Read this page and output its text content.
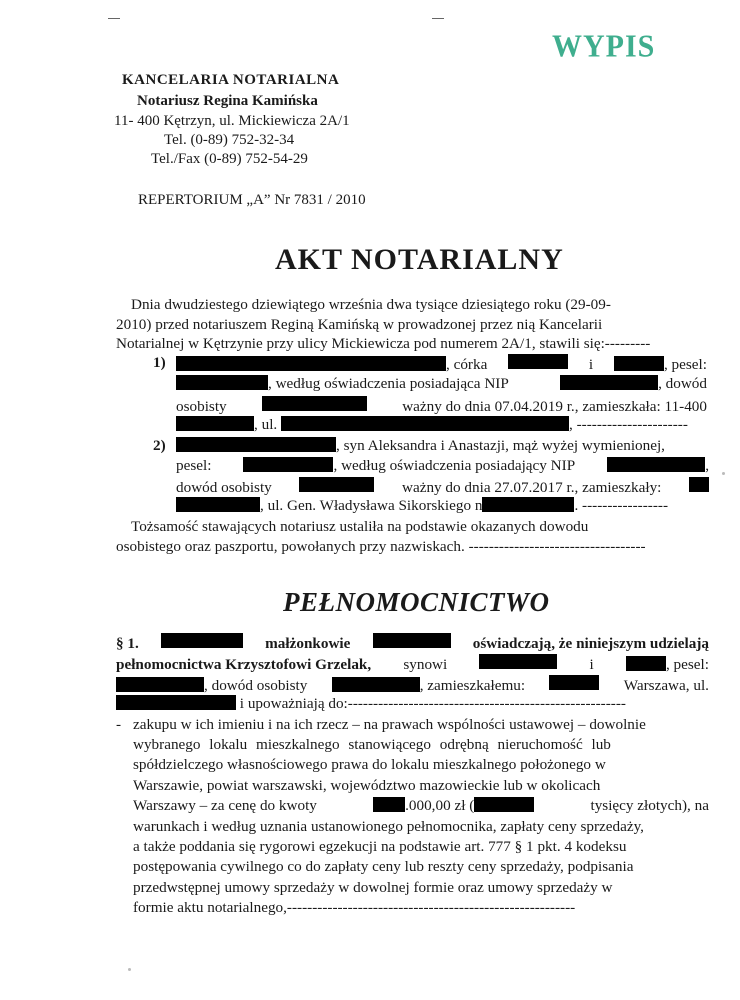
WYPIS
KANCELARIA NOTARIALNA
Notariusz Regina Kamińska
11- 400 Kętrzyn, ul. Mickiewicza 2A/1
Tel. (0-89) 752-32-34
Tel./Fax (0-89) 752-54-29
REPERTORIUM „A” Nr 7831 / 2010
AKT NOTARIALNY
Dnia dwudziestego dziewiątego września dwa tysiące dziesiątego roku (29-09-
2010) przed notariuszem Reginą Kamińską w prowadzonej przez nią Kancelarii
Notarialnej w Kętrzynie przy ulicy Mickiewicza pod numerem 2A/1, stawili się:---------
1)	, córka	i	, pesel:
, według oświadczenia posiadająca NIP	, dowód
osobisty	ważny do dnia 07.04.2019 r., zamieszkała: 11-400
, ul.	, ----------------------
2)	, syn Aleksandra i Anastazji, mąż wyżej wymienionej,
pesel:	, według oświadczenia posiadający NIP	,
dowód osobisty	ważny do dnia 27.07.2017 r., zamieszkały:
, ul. Gen. Władysława Sikorskiego n	. -----------------
Tożsamość stawających notariusz ustaliła na podstawie okazanych dowodu
osobistego oraz paszportu, powołanych przy nazwiskach. -----------------------------------
PEŁNOMOCNICTWO
§ 1.	małżonkowie	oświadczają, że niniejszym udzielają
pełnomocnictwa Krzysztofowi Grzelak, synowi	i	, pesel:
, dowód osobisty	, zamieszkałemu:	Warszawa, ul.
i upoważniają do:-------------------------------------------------------
- zakupu w ich imieniu i na ich rzecz – na prawach wspólności ustawowej – dowolnie
wybranego lokalu mieszkalnego stanowiącego odrębną nieruchomość lub
spółdzielczego własnościowego prawa do lokalu mieszkalnego położonego w
Warszawie, powiat warszawski, województwo mazowieckie lub w okolicach
Warszawy – za cenę do kwoty	.000,00 zł (	tysięcy złotych), na
warunkach i według uznania ustanowionego pełnomocnika, zapłaty ceny sprzedaży,
a także poddania się rygorowi egzekucji na podstawie art. 777 § 1 pkt. 4 kodeksu
postępowania cywilnego co do zapłaty ceny lub reszty ceny sprzedaży, podpisania
przedwstępnej umowy sprzedaży w dowolnej formie oraz umowy sprzedaży w
formie aktu notarialnego,---------------------------------------------------------
